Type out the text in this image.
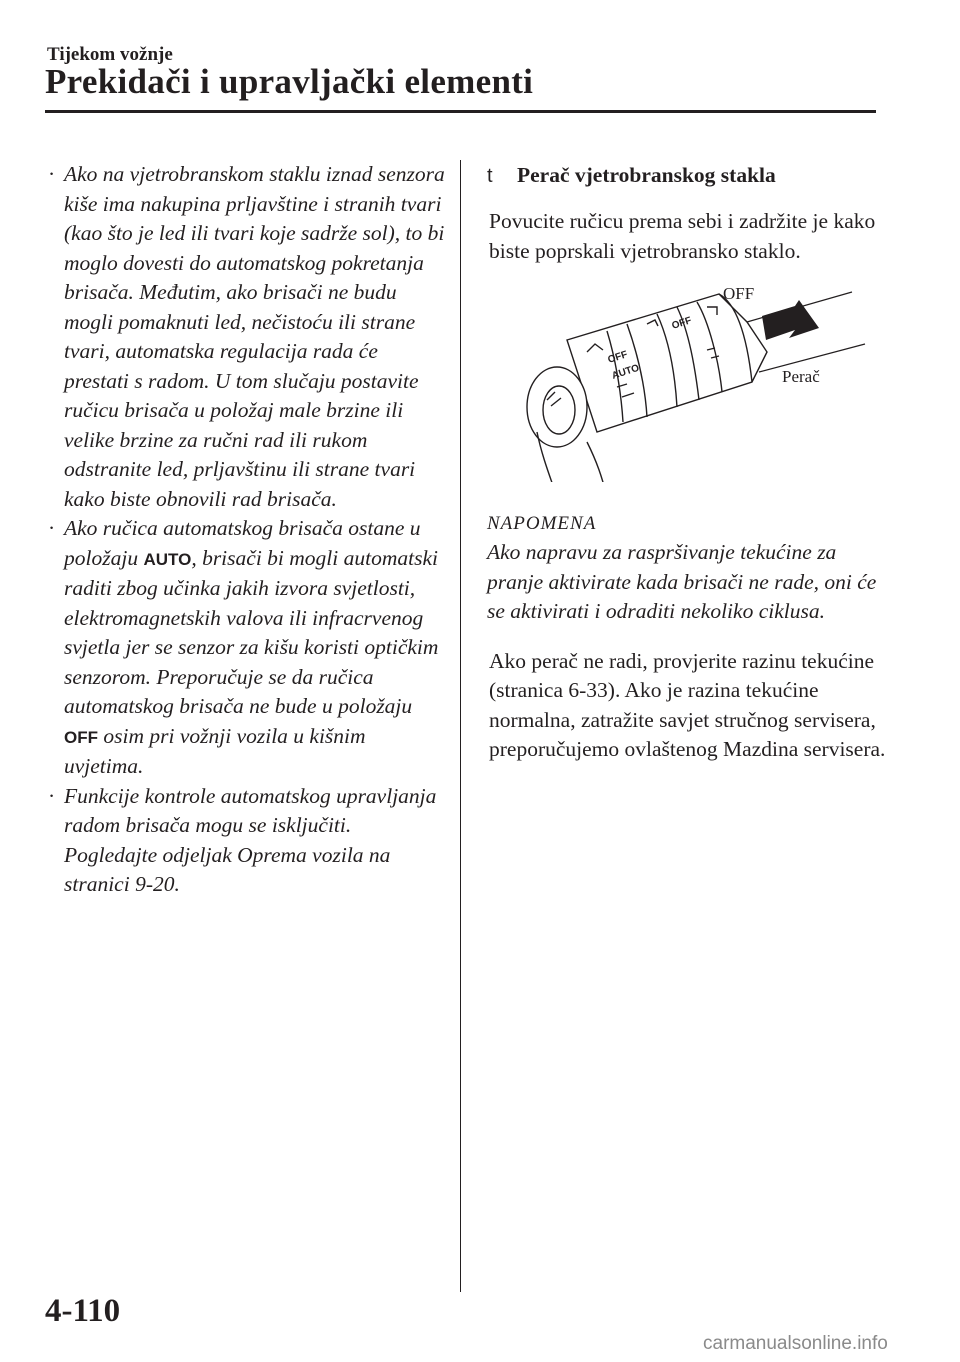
Tijekom vožnje
Prekidači i upravljački elementi
· Ako na vjetrobranskom staklu iznad senzora kiše ima nakupina prljavštine i stranih tvari (kao što je led ili tvari koje sadrže sol), to bi moglo dovesti do automatskog pokretanja brisača. Međutim, ako brisači ne budu mogli pomaknuti led, nečistoću ili strane tvari, automatska regulacija rada će prestati s radom. U tom slučaju postavite ručicu brisača u položaj male brzine ili velike brzine za ručni rad ili rukom odstranite led, prljavštinu ili strane tvari kako biste obnovili rad brisača.
· Ako ručica automatskog brisača ostane u položaju AUTO, brisači bi mogli automatski raditi zbog učinka jakih izvora svjetlosti, elektromagnetskih valova ili infracrvenog svjetla jer se senzor za kišu koristi optičkim senzorom. Preporučuje se da ručica automatskog brisača ne bude u položaju OFF osim pri vožnji vozila u kišnim uvjetima.
· Funkcije kontrole automatskog upravljanja radom brisača mogu se isključiti.
Pogledajte odjeljak Oprema vozila na stranici 9-20.
t	Perač vjetrobranskog stakla
Povucite ručicu prema sebi i zadržite je kako biste poprskali vjetrobransko staklo.
OFF
AUTO
OFF
OFF
Perač
NAPOMENA
Ako napravu za raspršivanje tekućine za pranje aktivirate kada brisači ne rade, oni će se aktivirati i odraditi nekoliko ciklusa.
Ako perač ne radi, provjerite razinu tekućine (stranica 6-33). Ako je razina tekućine normalna, zatražite savjet stručnog servisera, preporučujemo ovlaštenog Mazdina servisera.
4-110
carmanualsonline.info
